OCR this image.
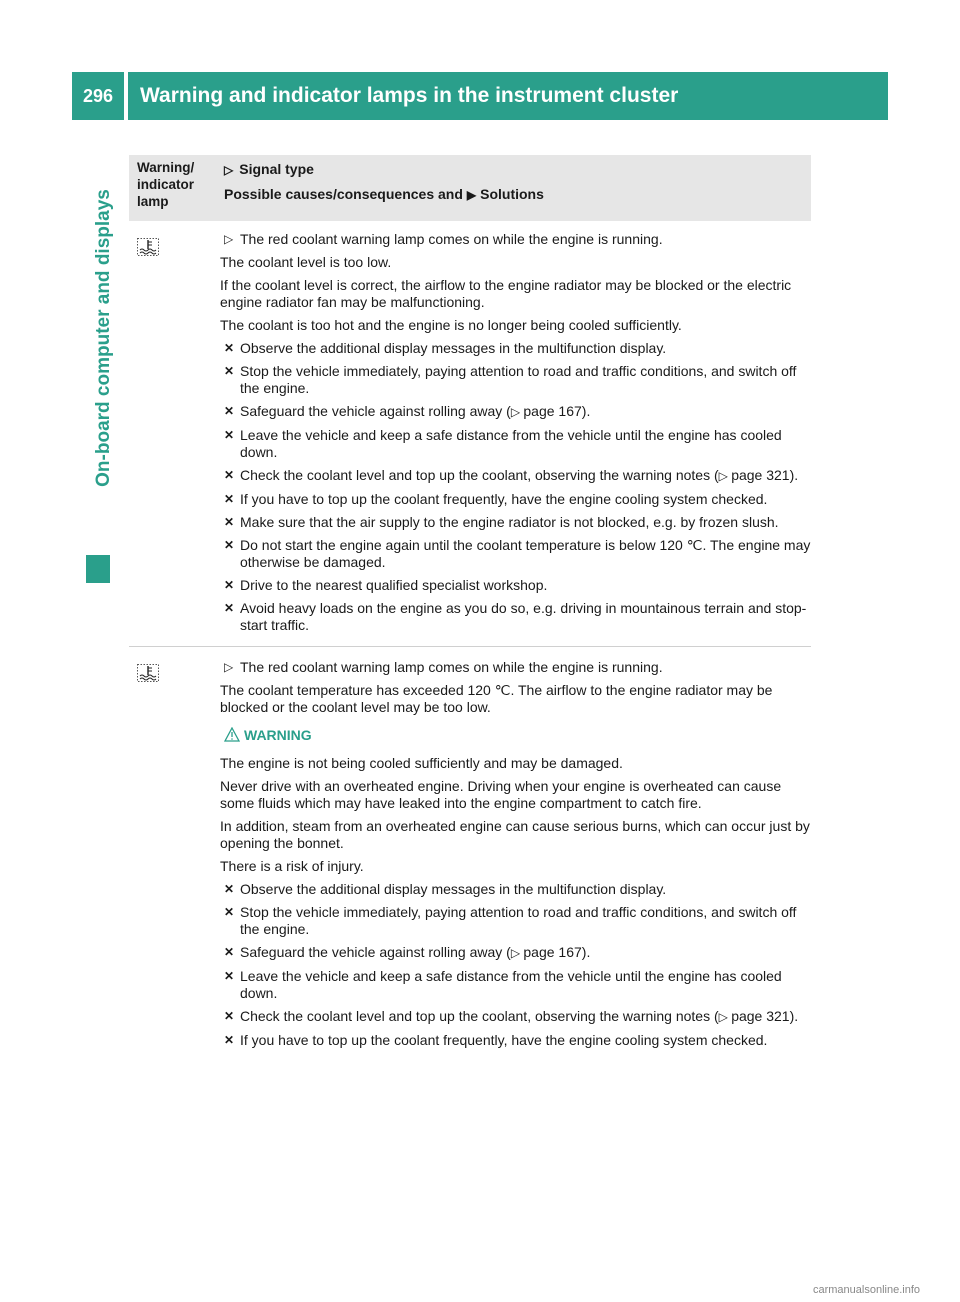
296	Warning and indicator lamps in the instrument cluster
On-board computer and displays
Warning/ indicator lamp
▷ Signal type
Possible causes/consequences and ▶ Solutions
▷ The red coolant warning lamp comes on while the engine is running.

The coolant level is too low.

If the coolant level is correct, the airflow to the engine radiator may be blocked or the electric engine radiator fan may be malfunctioning.

The coolant is too hot and the engine is no longer being cooled sufficiently.

✕ Observe the additional display messages in the multifunction display.
✕ Stop the vehicle immediately, paying attention to road and traffic conditions, and switch off the engine.
✕ Safeguard the vehicle against rolling away (▷ page 167).
✕ Leave the vehicle and keep a safe distance from the vehicle until the engine has cooled down.
✕ Check the coolant level and top up the coolant, observing the warning notes (▷ page 321).
✕ If you have to top up the coolant frequently, have the engine cooling system checked.
✕ Make sure that the air supply to the engine radiator is not blocked, e.g. by frozen slush.
✕ Do not start the engine again until the coolant temperature is below 120 ℃. The engine may otherwise be damaged.
✕ Drive to the nearest qualified specialist workshop.
✕ Avoid heavy loads on the engine as you do so, e.g. driving in mountainous terrain and stop-start traffic.
▷ The red coolant warning lamp comes on while the engine is running.

The coolant temperature has exceeded 120 ℃. The airflow to the engine radiator may be blocked or the coolant level may be too low.

WARNING

The engine is not being cooled sufficiently and may be damaged.

Never drive with an overheated engine. Driving when your engine is overheated can cause some fluids which may have leaked into the engine compartment to catch fire.

In addition, steam from an overheated engine can cause serious burns, which can occur just by opening the bonnet.

There is a risk of injury.

✕ Observe the additional display messages in the multifunction display.
✕ Stop the vehicle immediately, paying attention to road and traffic conditions, and switch off the engine.
✕ Safeguard the vehicle against rolling away (▷ page 167).
✕ Leave the vehicle and keep a safe distance from the vehicle until the engine has cooled down.
✕ Check the coolant level and top up the coolant, observing the warning notes (▷ page 321).
✕ If you have to top up the coolant frequently, have the engine cooling system checked.
carmanualsonline.info
